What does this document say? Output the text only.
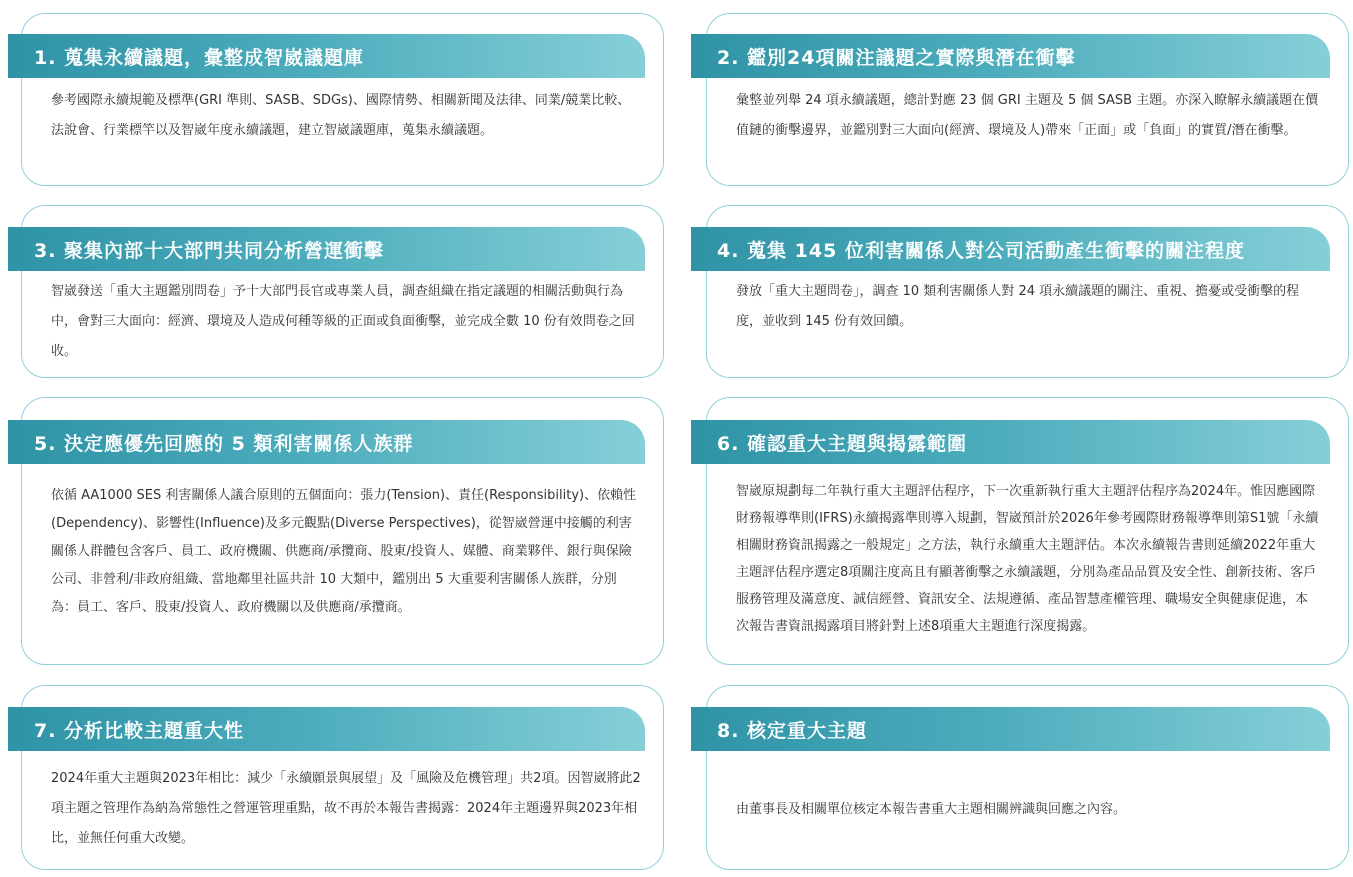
1. 蒐集永續議題，彙整成智崴議題庫

參考國際永續規範及標準(GRI 準則、SASB、SDGs)、國際情勢、相關新聞及法律、同業/競業比較、法說會、行業標竿以及智崴年度永續議題，建立智崴議題庫，蒐集永續議題。

2. 鑑別24項關注議題之實際與潛在衝擊

彙整並列舉 24 項永續議題，總計對應 23 個 GRI 主題及 5 個 SASB 主題。亦深入瞭解永續議題在價值鏈的衝擊邊界，並鑑別對三大面向(經濟、環境及人)帶來「正面」或「負面」的實質/潛在衝擊。

3. 聚集內部十大部門共同分析營運衝擊

智崴發送「重大主題鑑別問卷」予十大部門長官或專業人員，調查組織在指定議題的相關活動與行為中，會對三大面向：經濟、環境及人造成何種等級的正面或負面衝擊，並完成全數 10 份有效問卷之回收。

4. 蒐集 145 位利害關係人對公司活動產生衝擊的關注程度

發放「重大主題問卷」，調查 10 類利害關係人對 24 項永續議題的關注、重視、擔憂或受衝擊的程度，並收到 145 份有效回饋。

5. 決定應優先回應的 5 類利害關係人族群

依循 AA1000 SES 利害關係人議合原則的五個面向：張力(Tension)、責任(Responsibility)、依賴性(Dependency)、影響性(Influence)及多元觀點(Diverse Perspectives)，從智崴營運中接觸的利害關係人群體包含客戶、員工、政府機關、供應商/承攬商、股東/投資人、媒體、商業夥伴、銀行與保險公司、非營利/非政府組織、當地鄰里社區共計 10 大類中，鑑別出 5 大重要利害關係人族群，分別為：員工、客戶、股東/投資人、政府機關以及供應商/承攬商。

6. 確認重大主題與揭露範圍

智崴原規劃每二年執行重大主題評估程序，下一次重新執行重大主題評估程序為2024年。惟因應國際財務報導準則(IFRS)永續揭露準則導入規劃，智崴預計於2026年參考國際財務報導準則第S1號「永續相關財務資訊揭露之一般規定」之方法，執行永續重大主題評估。本次永續報告書則延續2022年重大主題評估程序選定8項關注度高且有顯著衝擊之永續議題，分別為產品品質及安全性、創新技術、客戶服務管理及滿意度、誠信經營、資訊安全、法規遵循、產品智慧產權管理、職場安全與健康促進，本次報告書資訊揭露項目將針對上述8項重大主題進行深度揭露。

7. 分析比較主題重大性

2024年重大主題與2023年相比：減少「永續願景與展望」及「風險及危機管理」共2項。因智崴將此2項主題之管理作為納為常態性之營運管理重點，故不再於本報告書揭露：2024年主題邊界與2023年相比，並無任何重大改變。

8. 核定重大主題

由董事長及相關單位核定本報告書重大主題相關辨識與回應之內容。
